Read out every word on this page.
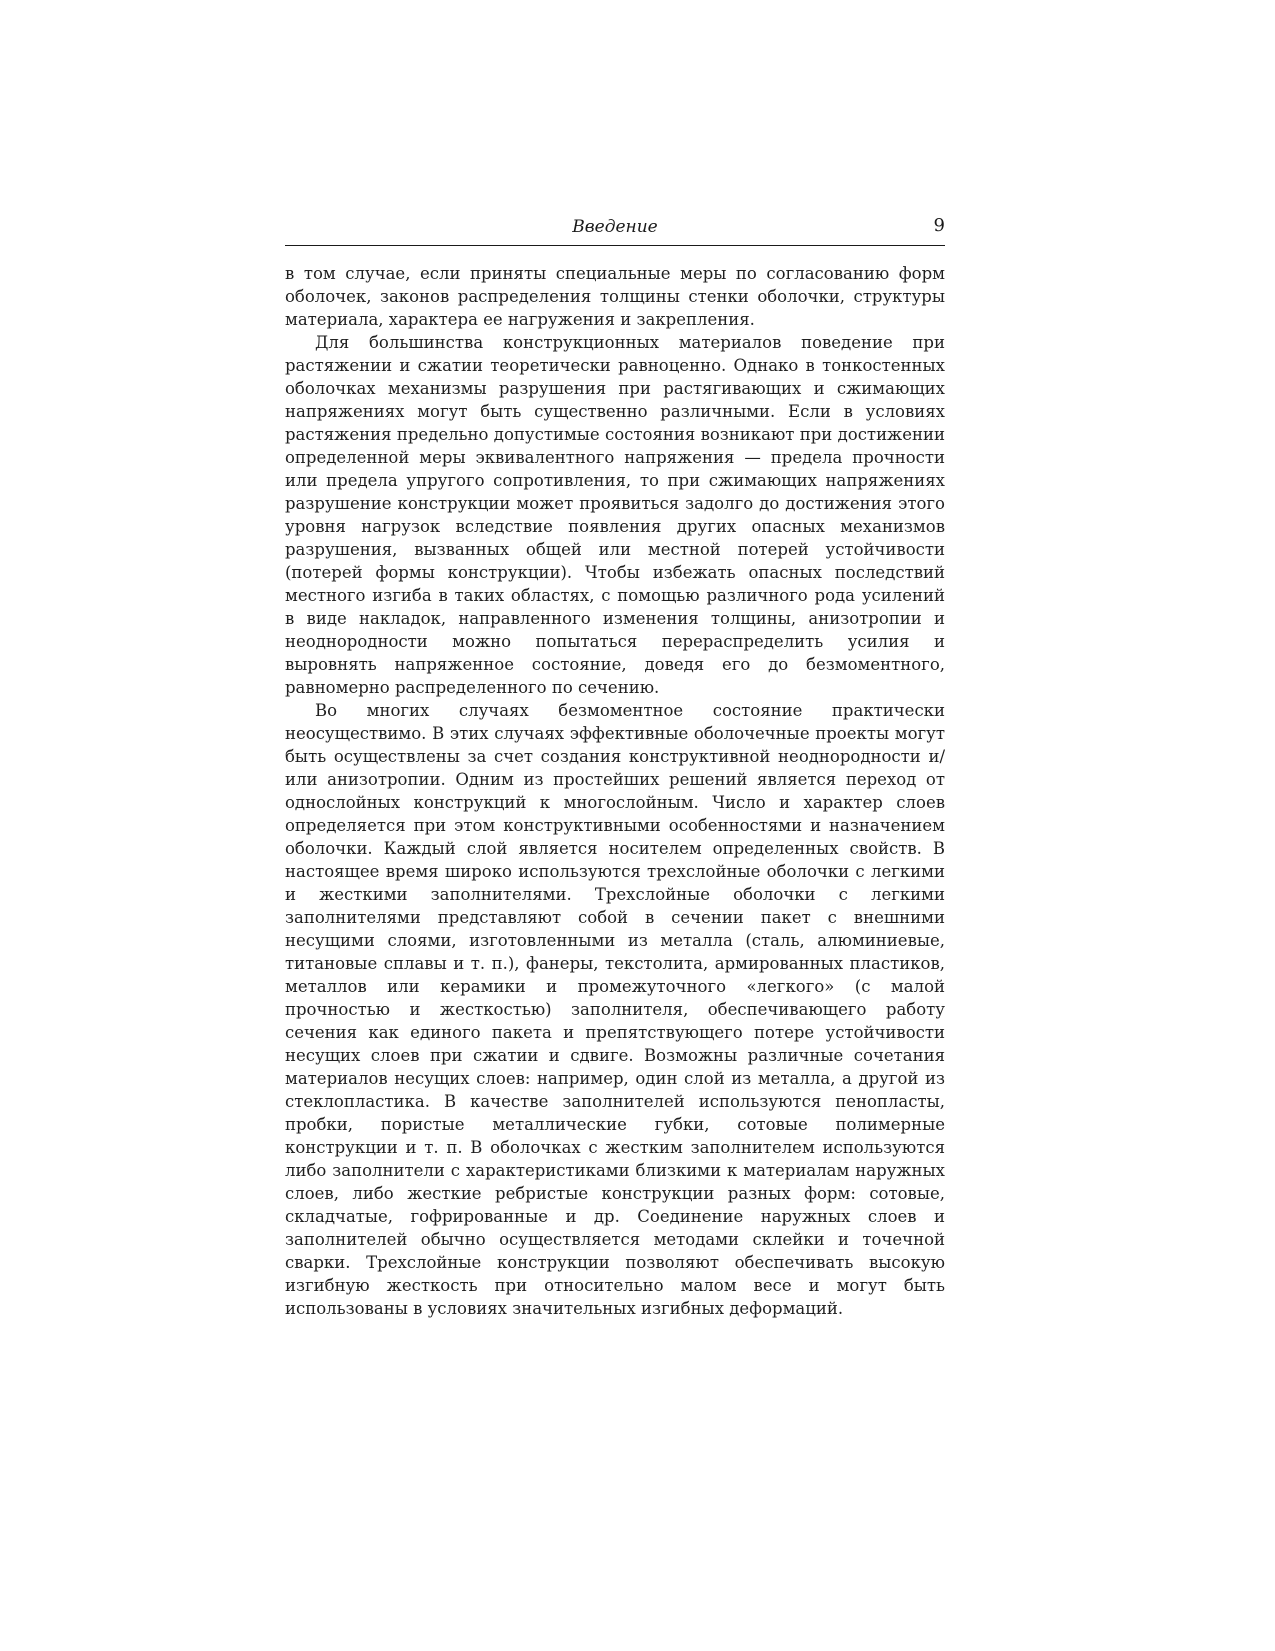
Введение	9

в том случае, если приняты специальные меры по согласованию форм оболочек, законов распределения толщины стенки оболочки, структуры материала, характера ее нагружения и закрепления.

Для большинства конструкционных материалов поведение при растяжении и сжатии теоретически равноценно. Однако в тонкостенных оболочках механизмы разрушения при растягивающих и сжимающих напряжениях могут быть существенно различными. Если в условиях растяжения предельно допустимые состояния возникают при достижении определенной меры эквивалентного напряжения — предела прочности или предела упругого сопротивления, то при сжимающих напряжениях разрушение конструкции может проявиться задолго до достижения этого уровня нагрузок вследствие появления других опасных механизмов разрушения, вызванных общей или местной потерей устойчивости (потерей формы конструкции). Чтобы избежать опасных последствий местного изгиба в таких областях, с помощью различного рода усилений в виде накладок, направленного изменения толщины, анизотропии и неоднородности можно попытаться перераспределить усилия и выровнять напряженное состояние, доведя его до безмоментного, равномерно распределенного по сечению.

Во многих случаях безмоментное состояние практически неосуществимо. В этих случаях эффективные оболочечные проекты могут быть осуществлены за счет создания конструктивной неоднородности и/или анизотропии. Одним из простейших решений является переход от однослойных конструкций к многослойным. Число и характер слоев определяется при этом конструктивными особенностями и назначением оболочки. Каждый слой является носителем определенных свойств. В настоящее время широко используются трехслойные оболочки с легкими и жесткими заполнителями. Трехслойные оболочки с легкими заполнителями представляют собой в сечении пакет с внешними несущими слоями, изготовленными из металла (сталь, алюминиевые, титановые сплавы и т. п.), фанеры, текстолита, армированных пластиков, металлов или керамики и промежуточного «легкого» (с малой прочностью и жесткостью) заполнителя, обеспечивающего работу сечения как единого пакета и препятствующего потере устойчивости несущих слоев при сжатии и сдвиге. Возможны различные сочетания материалов несущих слоев: например, один слой из металла, а другой из стеклопластика. В качестве заполнителей используются пенопласты, пробки, пористые металлические губки, сотовые полимерные конструкции и т. п. В оболочках с жестким заполнителем используются либо заполнители с характеристиками близкими к материалам наружных слоев, либо жесткие ребристые конструкции разных форм: сотовые, складчатые, гофрированные и др. Соединение наружных слоев и заполнителей обычно осуществляется методами склейки и точечной сварки. Трехслойные конструкции позволяют обеспечивать высокую изгибную жесткость при относительно малом весе и могут быть использованы в условиях значительных изгибных деформаций.
